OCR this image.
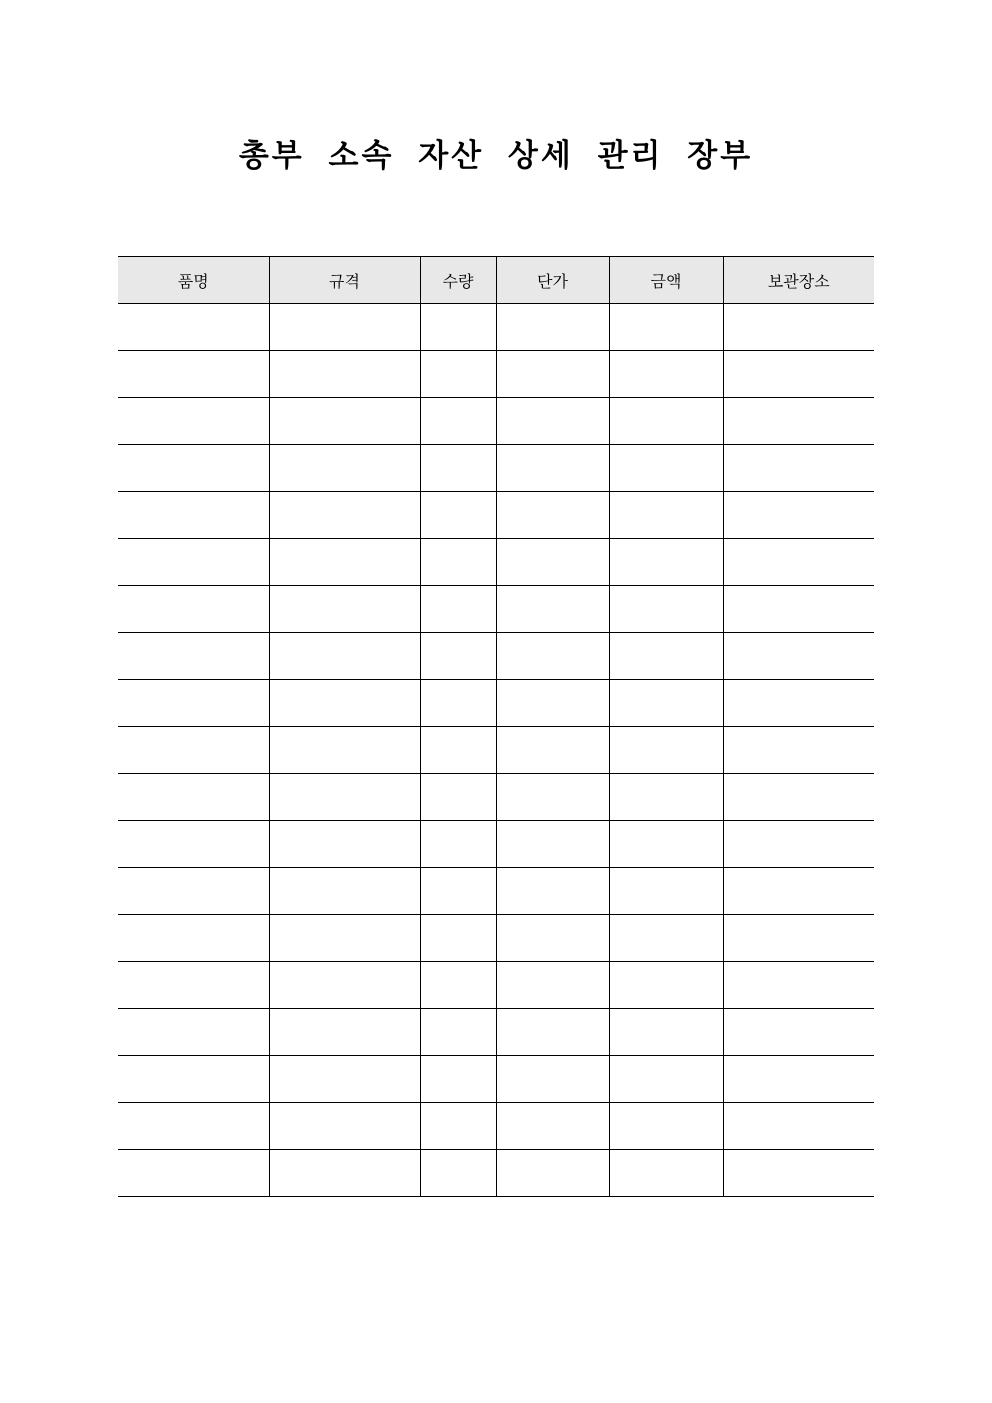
총부 소속 자산 상세 관리 장부
품명	규격	수량	단가	금액	보관장소
